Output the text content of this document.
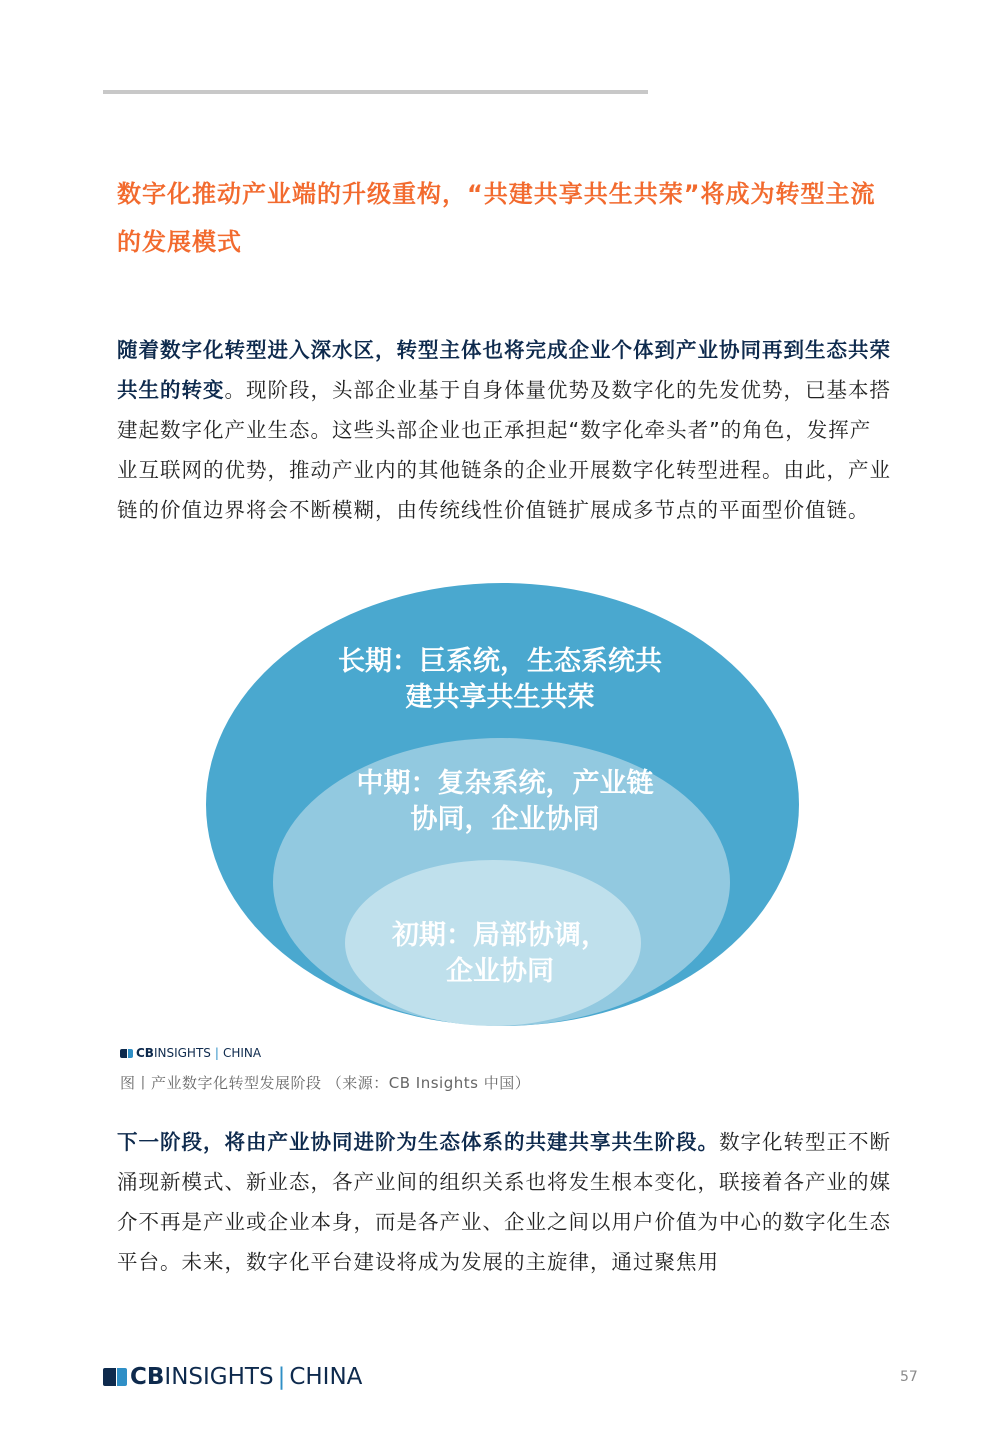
数字化推动产业端的升级重构，“共建共享共生共荣”将成为转型主流的发展模式
随着数字化转型进入深水区，转型主体也将完成企业个体到产业协同再到生态共荣共生的转变。现阶段，头部企业基于自身体量优势及数字化的先发优势，已基本搭建起数字化产业生态。这些头部企业也正承担起“数字化牵头者”的角色，发挥产业互联网的优势，推动产业内的其他链条的企业开展数字化转型进程。由此，产业链的价值边界将会不断模糊，由传统线性价值链扩展成多节点的平面型价值链。
长期：巨系统，生态系统共建共享共生共荣
中期：复杂系统，产业链协同，企业协同
初期：局部协调，企业协同
CBINSIGHTS | CHINA
图丨产业数字化转型发展阶段 （来源：CB Insights 中国）
下一阶段，将由产业协同进阶为生态体系的共建共享共生阶段。数字化转型正不断涌现新模式、新业态，各产业间的组织关系也将发生根本变化，联接着各产业的媒介不再是产业或企业本身，而是各产业、企业之间以用户价值为中心的数字化生态平台。未来，数字化平台建设将成为发展的主旋律，通过聚焦用
CBINSIGHTS | CHINA	57
